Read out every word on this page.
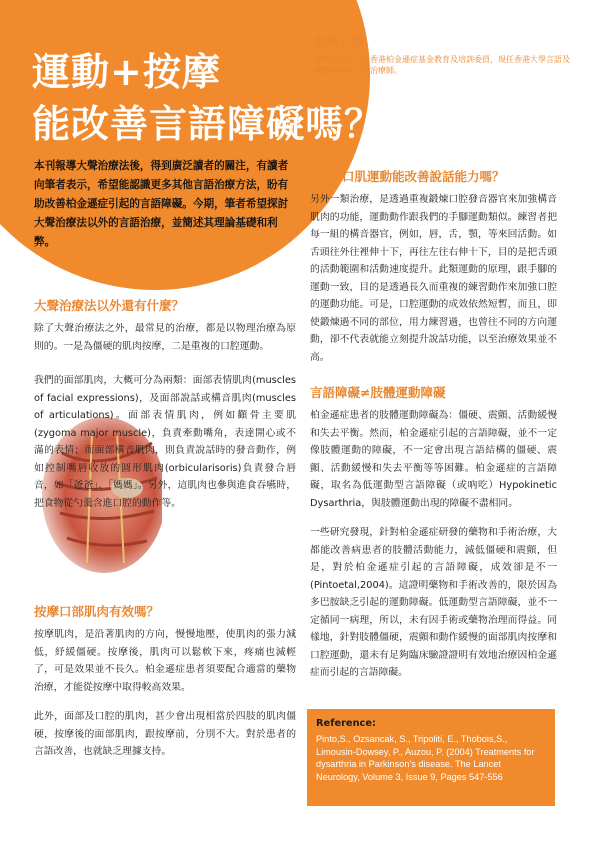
運動+按摩
能改善言語障礙嗎？
本刊報導大聲治療法後，得到廣泛讀者的關注，有讀者向筆者表示，希望能認識更多其他言語治療方法，盼有助改善柏金遜症引起的言語障礙。今期，筆者希望探討大聲治療法以外的言語治療，並簡述其理論基礎和利弊。
關陳立穎
關陳立穎女士為香港柏金遜症基金教育及培訓委員，現任香港大學言語及聽覺科學部言語治療師。
大聲治療法以外還有什麼？

除了大聲治療法之外，最常見的治療，都是以物理治療為原則的。一是為僵硬的肌肉按摩，二是重複的口腔運動。

我們的面部肌肉，大概可分為兩類：面部表情肌肉(muscles of facial expressions)，及面部說話或構音肌肉(muscles of articulations)。面部表情肌肉，例如顴骨主要肌(zygoma major muscle)，負責牽動嘴角，表達開心或不滿的表情；而面部構音肌肉，則負責說話時的發音動作，例如控制嘴唇收放的圓形肌肉(orbicularisoris)負責發合唇音，如「爸爸」、「媽媽」。另外，這肌肉也參與進食吞嚥時，把食物從勺羹含進口腔的動作等。

按摩口部肌肉有效嗎？

按摩肌肉，是沿著肌肉的方向，慢慢地壓，使肌肉的張力減低，紓緩僵硬。按摩後，肌肉可以鬆軟下來，疼痛也減輕了，可是效果並不長久。柏金遜症患者須要配合適當的藥物治療，才能從按摩中取得較高效果。

此外，面部及口腔的肌肉，甚少會出現相當於四肢的肌肉僵硬，按摩後的面部肌肉，跟按摩前，分別不大。對於患者的言語改善，也就缺乏理據支持。

口肌運動能改善說話能力嗎？

另外一類治療，是透過重複鍛煉口腔發音器官來加強構音肌肉的功能，運動動作跟我們的手腳運動類似。練習者把每一組的構音器官，例如，唇，舌，顎，等來回活動。如舌頭往外往裡伸十下，再往左往右伸十下，目的是把舌頭的活動範圍和活動速度提升。此類運動的原理，跟手腳的運動一致，目的是透過長久而重複的練習動作來加強口腔的運動功能。可是，口腔運動的成效依然短暫，而且，即使鍛煉過不同的部位，用力練習過，也曾往不同的方向運動，卻不代表就能立刻提升說話功能，以至治療效果並不高。

言語障礙≠肢體運動障礙

柏金遜症患者的肢體運動障礙為：僵硬、震顫、活動緩慢和失去平衡。然而，柏金遜症引起的言語障礙，並不一定像肢體運動的障礙，不一定會出現言語結構的僵硬、震顫、活動緩慢和失去平衡等等困難。柏金遜症的言語障礙，取名為低運動型言語障礙（或吶吃）Hypokinetic Dysarthria，與肢體運動出現的障礙不盡相同。

一些研究發現，針對柏金遜症研發的藥物和手術治療，大都能改善病患者的肢體活動能力，減低僵硬和震顫，但是，對於柏金遜症引起的言語障礙，成效卻是不一(Pintoetal,2004)。這證明藥物和手術改善的，限於因為多巴胺缺乏引起的運動障礙。低運動型言語障礙，並不一定循同一病理，所以，未有因手術或藥物治理而得益。同樣地，針對肢體僵硬，震顫和動作緩慢的面部肌肉按摩和口腔運動，還未有足夠臨床驗證證明有效地治療因柏金遜症而引起的言語障礙。

Reference:
Pinto,S., Ozsancak, S., Tripoliti, E., Thobois,S., Limousin-Dowsey, P., Auzou, P. (2004) Treatments for dysarthria in Parkinson's disease. The Lancet Neurology, Volume 3, Issue 9, Pages 547-556
